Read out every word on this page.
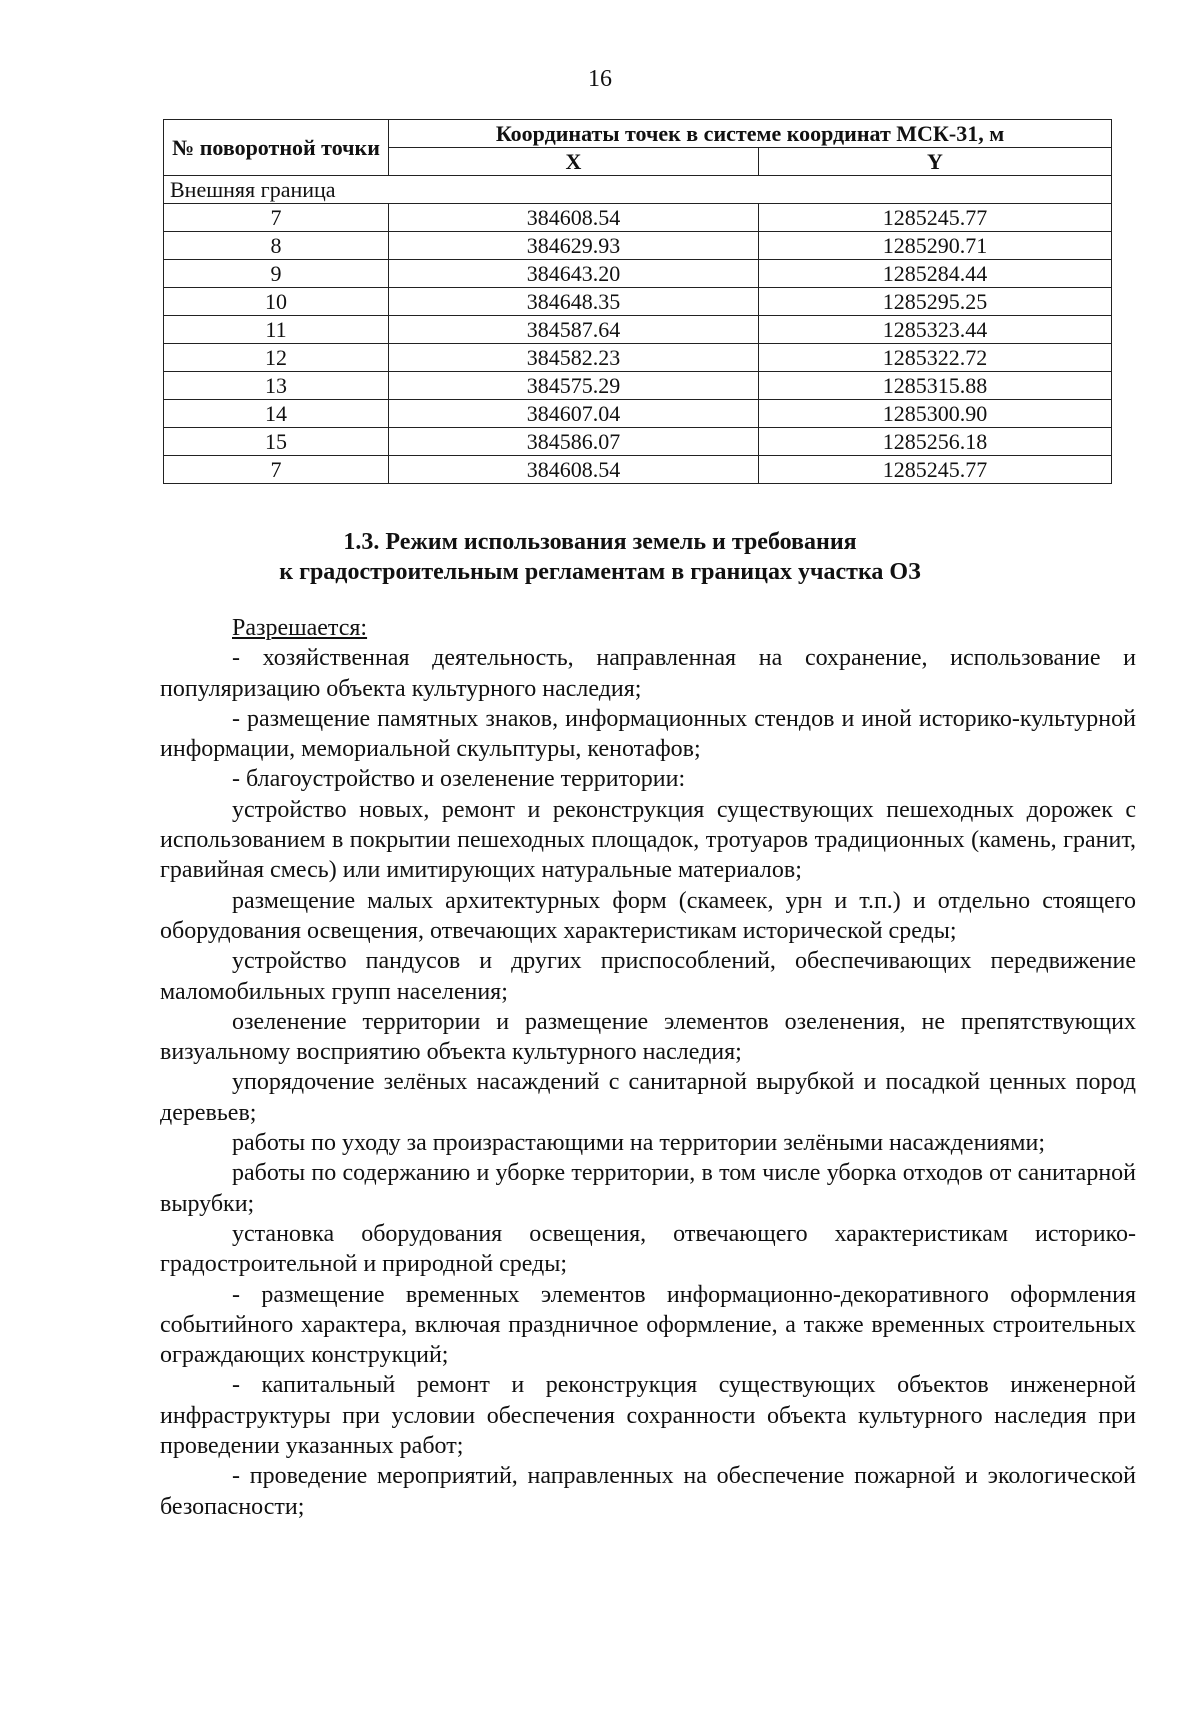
16
№ поворотной точки	Координаты точек в системе координат МСК-31, м	
	X	Y
Внешняя граница		
7	384608.54	1285245.77
8	384629.93	1285290.71
9	384643.20	1285284.44
10	384648.35	1285295.25
11	384587.64	1285323.44
12	384582.23	1285322.72
13	384575.29	1285315.88
14	384607.04	1285300.90
15	384586.07	1285256.18
7	384608.54	1285245.77
1.3. Режим использования земель и требования
к градостроительным регламентам в границах участка ОЗ

Разрешается:

- хозяйственная деятельность, направленная на сохранение, использование и популяризацию объекта культурного наследия;

- размещение памятных знаков, информационных стендов и иной историко-культурной информации, мемориальной скульптуры, кенотафов;

- благоустройство и озеленение территории:

устройство новых, ремонт и реконструкция существующих пешеходных дорожек с использованием в покрытии пешеходных площадок, тротуаров традиционных (камень, гранит, гравийная смесь) или имитирующих натуральные материалов;

размещение малых архитектурных форм (скамеек, урн и т.п.) и отдельно стоящего оборудования освещения, отвечающих характеристикам исторической среды;

устройство пандусов и других приспособлений, обеспечивающих передвижение маломобильных групп населения;

озеленение территории и размещение элементов озеленения, не препятствующих визуальному восприятию объекта культурного наследия;

упорядочение зелёных насаждений с санитарной вырубкой и посадкой ценных пород деревьев;

работы по уходу за произрастающими на территории зелёными насаждениями;

работы по содержанию и уборке территории, в том числе уборка отходов от санитарной вырубки;

установка оборудования освещения, отвечающего характеристикам историко-градостроительной и природной среды;

- размещение временных элементов информационно-декоративного оформления событийного характера, включая праздничное оформление, а также временных строительных ограждающих конструкций;

- капитальный ремонт и реконструкция существующих объектов инженерной инфраструктуры при условии обеспечения сохранности объекта культурного наследия при проведении указанных работ;

- проведение мероприятий, направленных на обеспечение пожарной и экологической безопасности;
